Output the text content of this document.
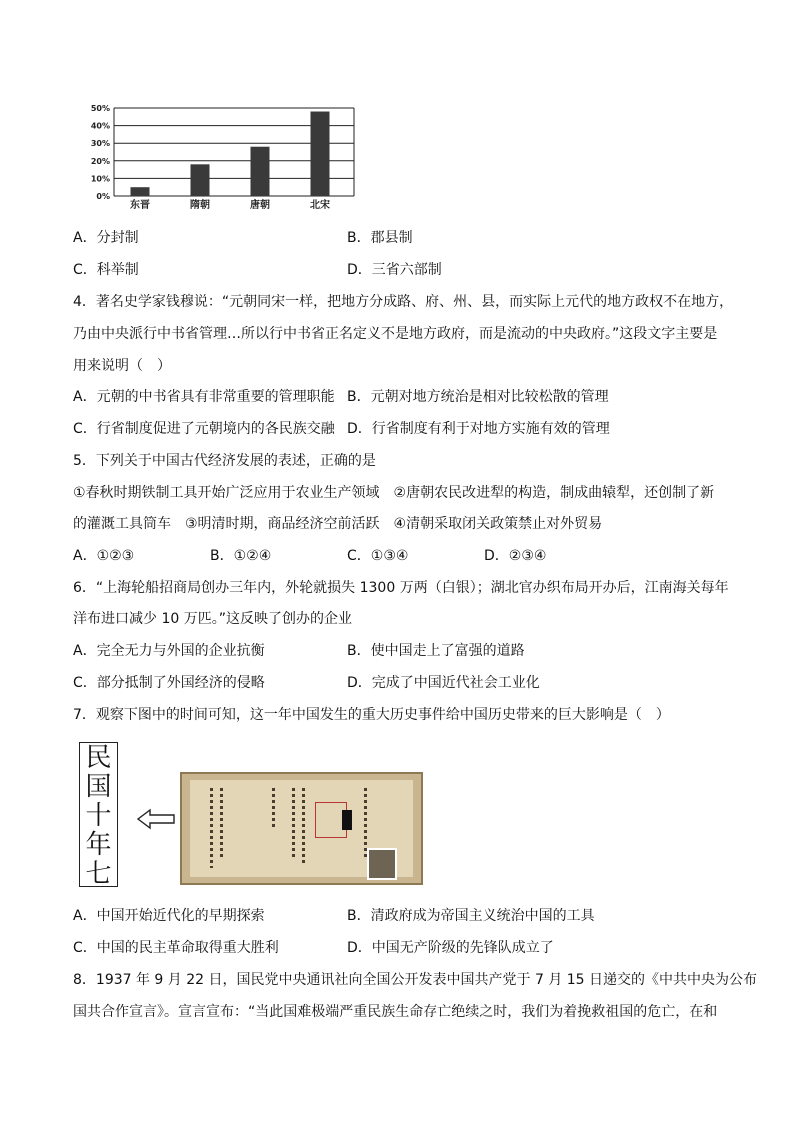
0%
10%
20%
30%
40%
50%
东晋	隋朝	唐朝	北宋
A．分封制	B．郡县制
C．科举制	D．三省六部制
4．著名史学家钱穆说：“元朝同宋一样，把地方分成路、府、州、县，而实际上元代的地方政权不在地方，
乃由中央派行中书省管理…所以行中书省正名定义不是地方政府，而是流动的中央政府。”这段文字主要是
用来说明（　）
A．元朝的中书省具有非常重要的管理职能 B．元朝对地方统治是相对比较松散的管理
C．行省制度促进了元朝境内的各民族交融 D．行省制度有利于对地方实施有效的管理
5．下列关于中国古代经济发展的表述，正确的是
①春秋时期铁制工具开始广泛应用于农业生产领域　②唐朝农民改进犁的构造，制成曲辕犁，还创制了新
的灌溉工具筒车　③明清时期，商品经济空前活跃　④清朝采取闭关政策禁止对外贸易
A．①②③	B．①②④	C．①③④	D．②③④
6．“上海轮船招商局创办三年内，外轮就损失 1300 万两（白银）；湖北官办织布局开办后，江南海关每年
洋布进口减少 10 万匹。”这反映了创办的企业
A．完全无力与外国的企业抗衡	B．使中国走上了富强的道路
C．部分抵制了外国经济的侵略	D．完成了中国近代社会工业化
7．观察下图中的时间可知，这一年中国发生的重大历史事件给中国历史带来的巨大影响是（　）
民
国
十
年
七
A．中国开始近代化的早期探索	B．清政府成为帝国主义统治中国的工具
C．中国的民主革命取得重大胜利	D．中国无产阶级的先锋队成立了
8．1937 年 9 月 22 日，国民党中央通讯社向全国公开发表中国共产党于 7 月 15 日递交的《中共中央为公布
国共合作宣言》。宣言宣布：“当此国难极端严重民族生命存亡绝续之时，我们为着挽救祖国的危亡，在和
